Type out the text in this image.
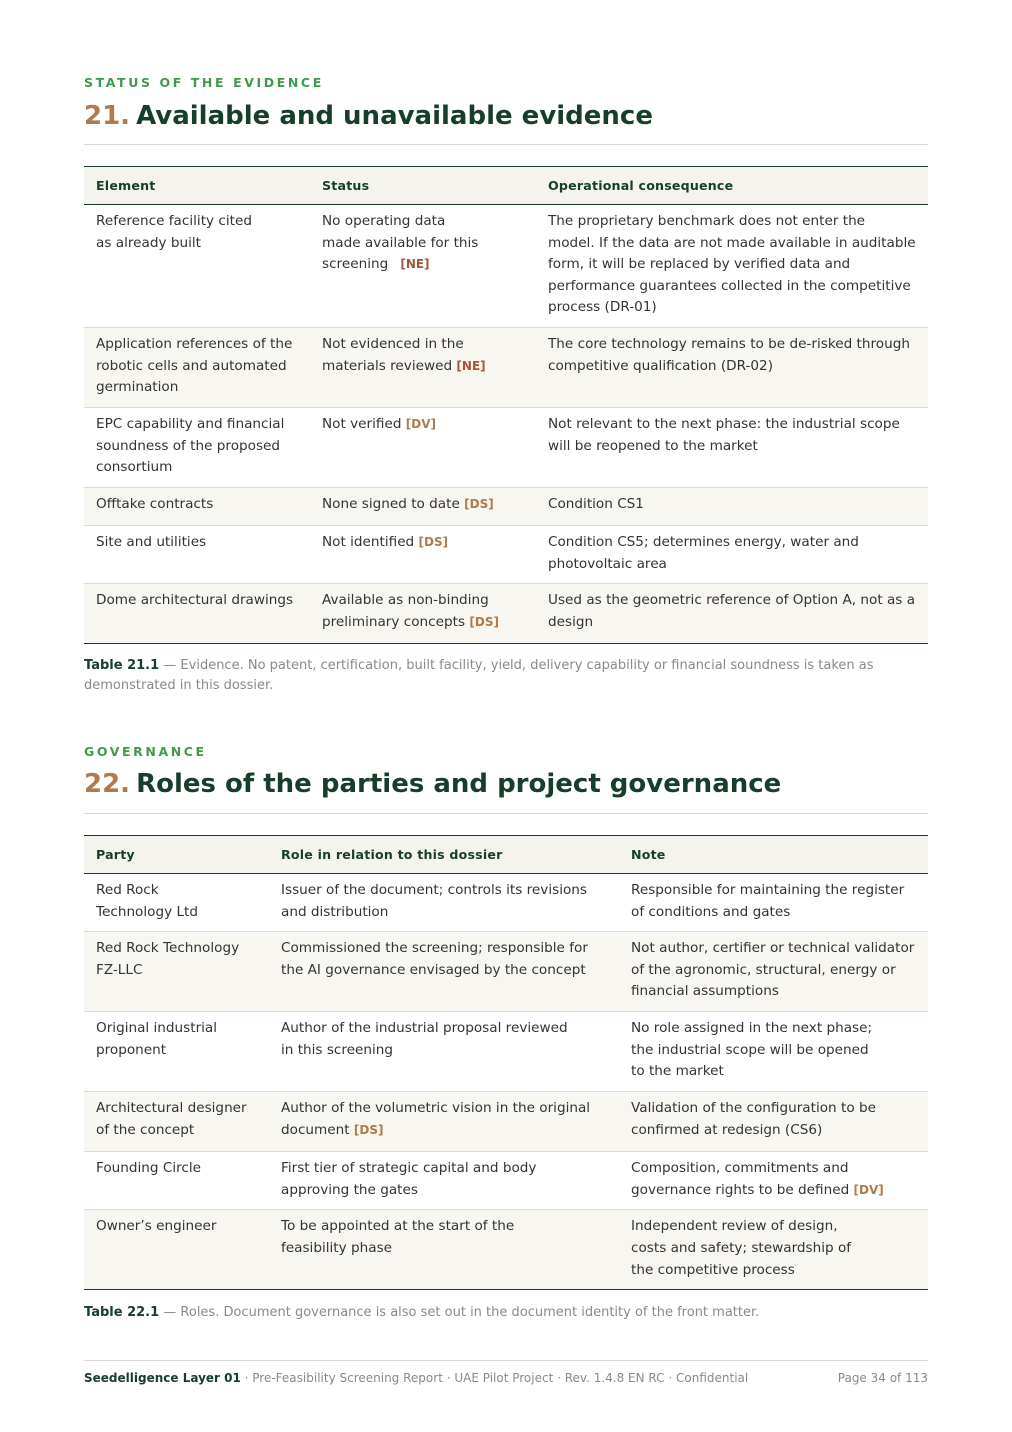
STATUS OF THE EVIDENCE
21. Available and unavailable evidence
Element	Status	Operational consequence

Reference facility cited as already built	No operating data made available for this screening [NE]	The proprietary benchmark does not enter the model. If the data are not made available in auditable form, it will be replaced by verified data and performance guarantees collected in the competitive process (DR-01)
Application references of the robotic cells and automated germination	Not evidenced in the materials reviewed [NE]	The core technology remains to be de-risked through competitive qualification (DR-02)
EPC capability and financial soundness of the proposed consortium	Not verified [DV]	Not relevant to the next phase: the industrial scope will be reopened to the market
Offtake contracts	None signed to date [DS]	Condition CS1
Site and utilities	Not identified [DS]	Condition CS5; determines energy, water and photovoltaic area
Dome architectural drawings	Available as non-binding preliminary concepts [DS]	Used as the geometric reference of Option A, not as a design
Table 21.1 — Evidence. No patent, certification, built facility, yield, delivery capability or financial soundness is taken as demonstrated in this dossier.
GOVERNANCE
22. Roles of the parties and project governance
Party	Role in relation to this dossier	Note

Red Rock Technology Ltd	Issuer of the document; controls its revisions and distribution	Responsible for maintaining the register of conditions and gates
Red Rock Technology FZ-LLC	Commissioned the screening; responsible for the AI governance envisaged by the concept	Not author, certifier or technical validator of the agronomic, structural, energy or financial assumptions
Original industrial proponent	Author of the industrial proposal reviewed in this screening	No role assigned in the next phase; the industrial scope will be opened to the market

Architectural designer of the concept	Author of the volumetric vision in the original document [DS]	Validation of the configuration to be confirmed at redesign (CS6)
Founding Circle	First tier of strategic capital and body approving the gates	Composition, commitments and governance rights to be defined [DV]
Owner’s engineer	To be appointed at the start of the feasibility phase	Independent review of design, costs and safety; stewardship of the competitive process
Table 22.1 — Roles. Document governance is also set out in the document identity of the front matter.
Seedelligence Layer 01 · Pre-Feasibility Screening Report · UAE Pilot Project · Rev. 1.4.8 EN RC · Confidential	Page 34 of 113
